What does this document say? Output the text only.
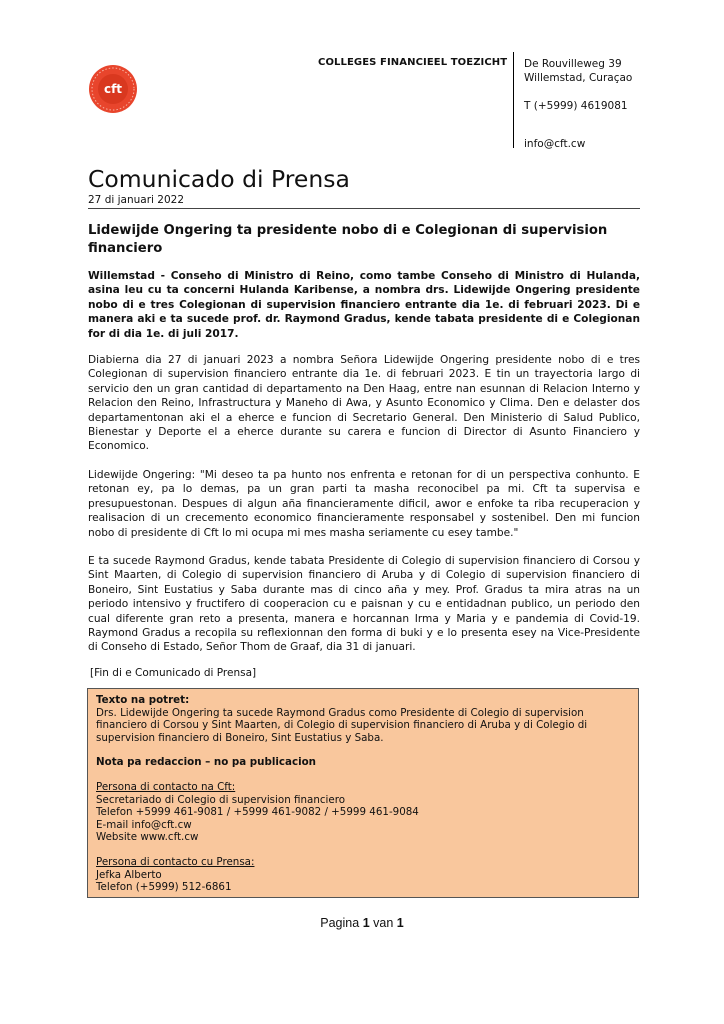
cft
COLLEGES FINANCIEEL TOEZICHT De Rouvilleweg 39
Willemstad, Curaçao
T (+5999) 4619081
info@cft.cw
Comunicado di Prensa
27 di januari 2022
Lidewijde Ongering ta presidente nobo di e Colegionan di supervision financiero
Willemstad - Conseho di Ministro di Reino, como tambe Conseho di Ministro di Hulanda, asina leu cu ta concerni Hulanda Karibense, a nombra drs. Lidewijde Ongering presidente nobo di e tres Colegionan di supervision financiero entrante dia 1e. di februari 2023. Di e manera aki e ta sucede prof. dr. Raymond Gradus, kende tabata presidente di e Colegionan for di dia 1e. di juli 2017.
Diabierna dia 27 di januari 2023 a nombra Señora Lidewijde Ongering presidente nobo di e tres Colegionan di supervision financiero entrante dia 1e. di februari 2023. E tin un trayectoria largo di servicio den un gran cantidad di departamento na Den Haag, entre nan esunnan di Relacion Interno y Relacion den Reino, Infrastructura y Maneho di Awa, y Asunto Economico y Clima. Den e delaster dos departamentonan aki el a eherce e funcion di Secretario General. Den Ministerio di Salud Publico, Bienestar y Deporte el a eherce durante su carera e funcion di Director di Asunto Financiero y Economico.
Lidewijde Ongering: "Mi deseo ta pa hunto nos enfrenta e retonan for di un perspectiva conhunto. E retonan ey, pa lo demas, pa un gran parti ta masha reconocibel pa mi. Cft ta supervisa e presupuestonan. Despues di algun aña financieramente dificil, awor e enfoke ta riba recuperacion y realisacion di un crecemento economico financieramente responsabel y sostenibel. Den mi funcion nobo di presidente di Cft lo mi ocupa mi mes masha seriamente cu esey tambe."
E ta sucede Raymond Gradus, kende tabata Presidente di Colegio di supervision financiero di Corsou y Sint Maarten, di Colegio di supervision financiero di Aruba y di Colegio di supervision financiero di Boneiro, Sint Eustatius y Saba durante mas di cinco aña y mey. Prof. Gradus ta mira atras na un periodo intensivo y fructifero di cooperacion cu e paisnan y cu e entidadnan publico, un periodo den cual diferente gran reto a presenta, manera e horcannan Irma y Maria y e pandemia di Covid-19. Raymond Gradus a recopila su reflexionnan den forma di buki y e lo presenta esey na Vice-Presidente di Conseho di Estado, Señor Thom de Graaf, dia 31 di januari.
[Fin di e Comunicado di Prensa]
Texto na potret:
Drs. Lidewijde Ongering ta sucede Raymond Gradus como Presidente di Colegio di supervision financiero di Corsou y Sint Maarten, di Colegio di supervision financiero di Aruba y di Colegio di supervision financiero di Boneiro, Sint Eustatius y Saba.
Nota pa redaccion – no pa publicacion
Persona di contacto na Cft:
Secretariado di Colegio di supervision financiero
Telefon +5999 461-9081 / +5999 461-9082 / +5999 461-9084
E-mail info@cft.cw
Website www.cft.cw
Persona di contacto cu Prensa:
Jefka Alberto
Telefon (+5999) 512-6861
Pagina 1 van 1
